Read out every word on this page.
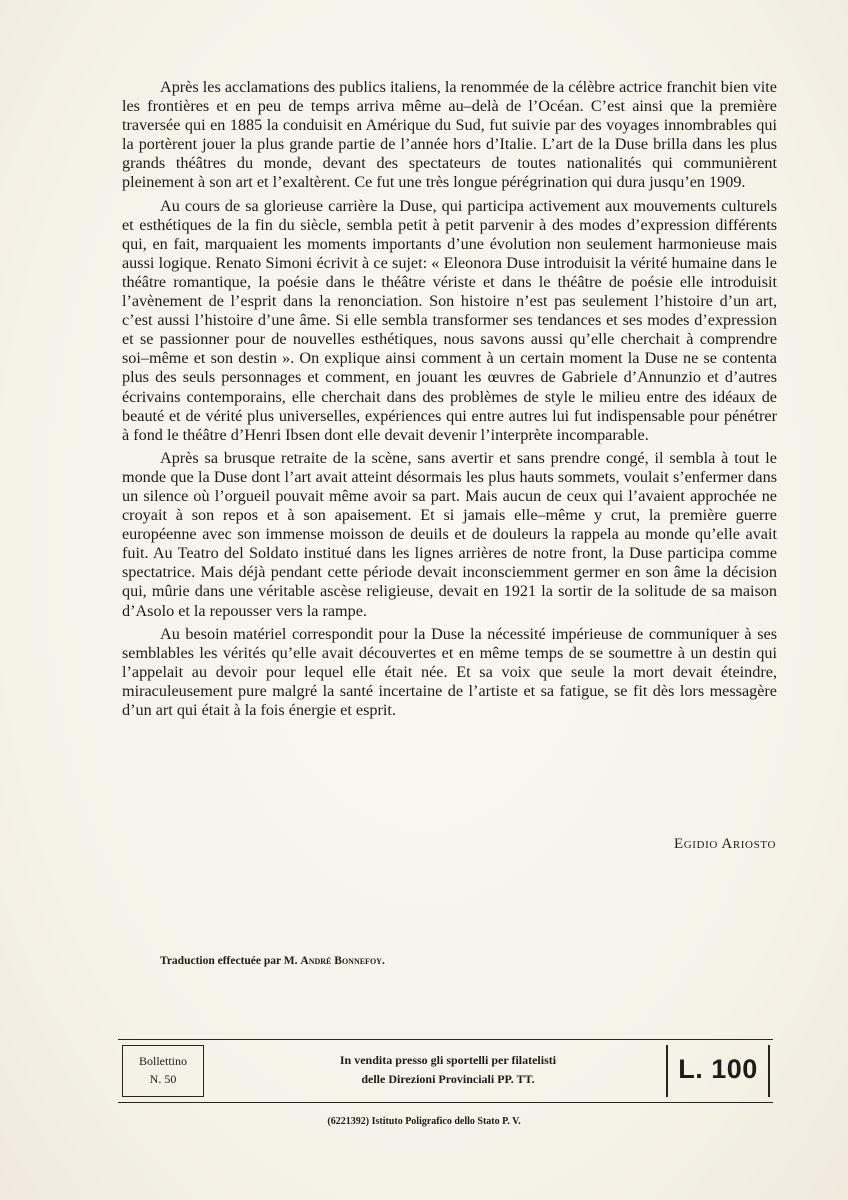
Après les acclamations des publics italiens, la renommée de la célèbre actrice franchit bien vite les frontières et en peu de temps arriva même au–delà de l’Océan. C’est ainsi que la première traversée qui en 1885 la conduisit en Amérique du Sud, fut suivie par des voyages innombrables qui la portèrent jouer la plus grande partie de l’année hors d’Italie. L’art de la Duse brilla dans les plus grands théâtres du monde, devant des spectateurs de toutes nationalités qui communièrent pleinement à son art et l’exaltèrent. Ce fut une très longue pérégrination qui dura jusqu’en 1909.

Au cours de sa glorieuse carrière la Duse, qui participa activement aux mouvements culturels et esthétiques de la fin du siècle, sembla petit à petit parvenir à des modes d’expression différents qui, en fait, marquaient les moments importants d’une évolution non seulement harmonieuse mais aussi logique. Renato Simoni écrivit à ce sujet: « Eleonora Duse introduisit la vérité humaine dans le théâtre romantique, la poésie dans le théâtre vériste et dans le théâtre de poésie elle introduisit l’avènement de l’esprit dans la renonciation. Son histoire n’est pas seulement l’histoire d’un art, c’est aussi l’histoire d’une âme. Si elle sembla transformer ses tendances et ses modes d’expression et se passionner pour de nouvelles esthétiques, nous savons aussi qu’elle cherchait à comprendre soi–même et son destin ». On explique ainsi comment à un certain moment la Duse ne se contenta plus des seuls personnages et comment, en jouant les œuvres de Gabriele d’Annunzio et d’autres écrivains contemporains, elle cherchait dans des problèmes de style le milieu entre des idéaux de beauté et de vérité plus universelles, expériences qui entre autres lui fut indispensable pour pénétrer à fond le théâtre d’Henri Ibsen dont elle devait devenir l’interprète incomparable.

Après sa brusque retraite de la scène, sans avertir et sans prendre congé, il sembla à tout le monde que la Duse dont l’art avait atteint désormais les plus hauts sommets, voulait s’enfermer dans un silence où l’orgueil pouvait même avoir sa part. Mais aucun de ceux qui l’avaient approchée ne croyait à son repos et à son apaisement. Et si jamais elle–même y crut, la première guerre européenne avec son immense moisson de deuils et de douleurs la rappela au monde qu’elle avait fuit. Au Teatro del Soldato institué dans les lignes arrières de notre front, la Duse participa comme spectatrice. Mais déjà pendant cette période devait inconsciemment germer en son âme la décision qui, mûrie dans une véritable ascèse religieuse, devait en 1921 la sortir de la solitude de sa maison d’Asolo et la repousser vers la rampe.

Au besoin matériel correspondit pour la Duse la nécessité impérieuse de communiquer à ses semblables les vérités qu’elle avait découvertes et en même temps de se soumettre à un destin qui l’appelait au devoir pour lequel elle était née. Et sa voix que seule la mort devait éteindre, miraculeusement pure malgré la santé incertaine de l’artiste et sa fatigue, se fit dès lors messagère d’un art qui était à la fois énergie et esprit.

Egidio Ariosto
Traduction effectuée par M. André Bonnefoy.
Bollettino
N. 50
In vendita presso gli sportelli per filatelisti
delle Direzioni Provinciali PP. TT.	L. 100
(6221392) Istituto Poligrafico dello Stato P. V.
